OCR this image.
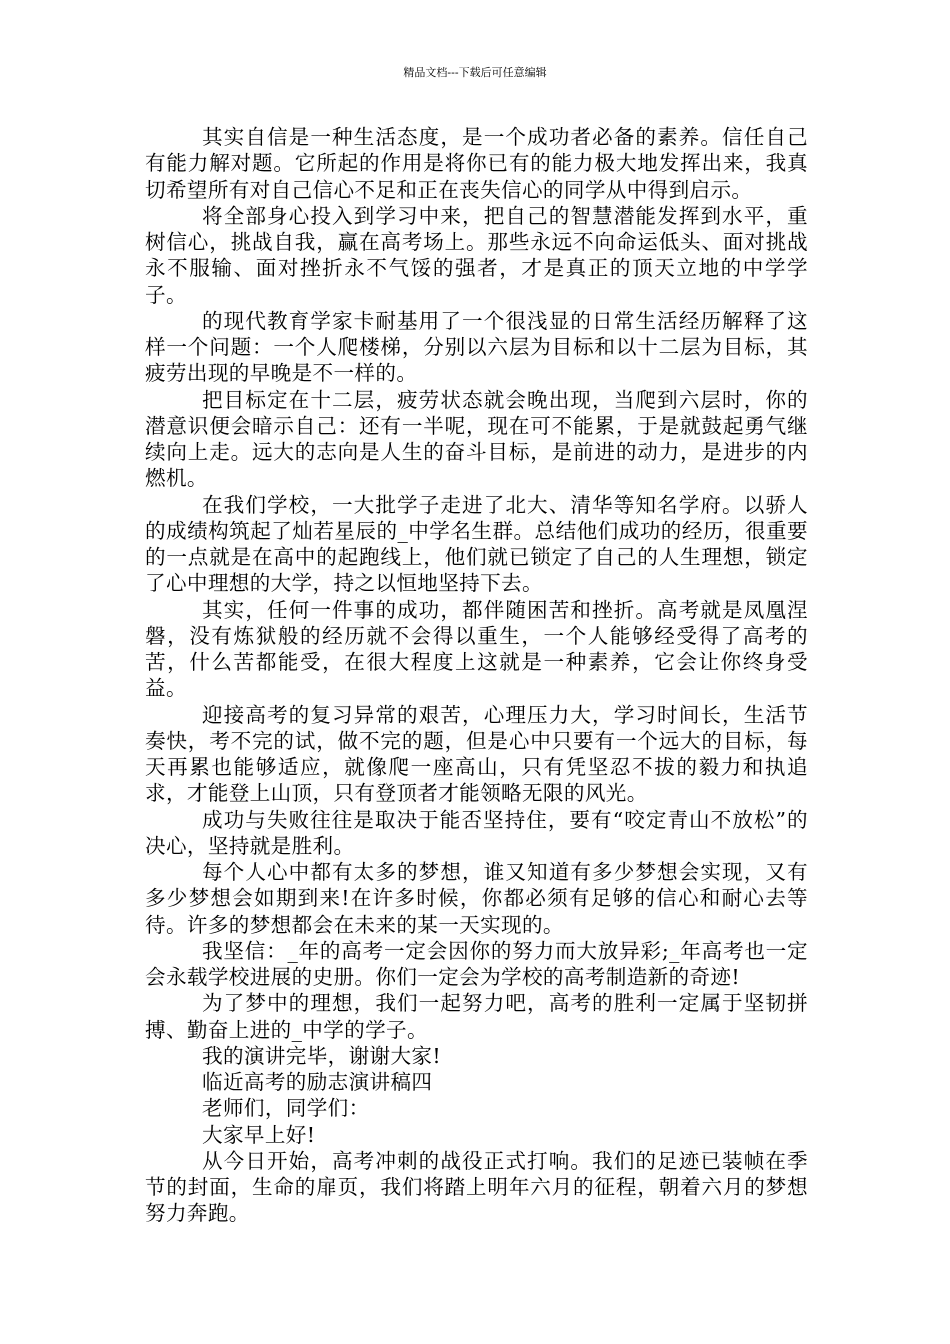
精品文档---下载后可任意编辑

其实自信是一种生活态度，是一个成功者必备的素养。信任自己有能力解对题。它所起的作用是将你已有的能力极大地发挥出来，我真切希望所有对自己信心不足和正在丧失信心的同学从中得到启示。

将全部身心投入到学习中来，把自己的智慧潜能发挥到水平，重树信心，挑战自我，赢在高考场上。那些永远不向命运低头、面对挑战永不服输、面对挫折永不气馁的强者，才是真正的顶天立地的中学学子。

的现代教育学家卡耐基用了一个很浅显的日常生活经历解释了这样一个问题：一个人爬楼梯，分别以六层为目标和以十二层为目标，其疲劳出现的早晚是不一样的。

把目标定在十二层，疲劳状态就会晚出现，当爬到六层时，你的潜意识便会暗示自己：还有一半呢，现在可不能累，于是就鼓起勇气继续向上走。远大的志向是人生的奋斗目标，是前进的动力，是进步的内燃机。

在我们学校，一大批学子走进了北大、清华等知名学府。以骄人的成绩构筑起了灿若星辰的_中学名生群。总结他们成功的经历，很重要的一点就是在高中的起跑线上，他们就已锁定了自己的人生理想，锁定了心中理想的大学，持之以恒地坚持下去。

其实，任何一件事的成功，都伴随困苦和挫折。高考就是凤凰涅磐，没有炼狱般的经历就不会得以重生，一个人能够经受得了高考的苦，什么苦都能受，在很大程度上这就是一种素养，它会让你终身受益。

迎接高考的复习异常的艰苦，心理压力大，学习时间长，生活节奏快，考不完的试，做不完的题，但是心中只要有一个远大的目标，每天再累也能够适应，就像爬一座高山，只有凭坚忍不拔的毅力和执追求，才能登上山顶，只有登顶者才能领略无限的风光。

成功与失败往往是取决于能否坚持住，要有“咬定青山不放松”的决心，坚持就是胜利。

每个人心中都有太多的梦想，谁又知道有多少梦想会实现，又有多少梦想会如期到来!在许多时候，你都必须有足够的信心和耐心去等待。许多的梦想都会在未来的某一天实现的。

我坚信：_年的高考一定会因你的努力而大放异彩;_年高考也一定会永载学校进展的史册。你们一定会为学校的高考制造新的奇迹!

为了梦中的理想，我们一起努力吧，高考的胜利一定属于坚韧拼搏、勤奋上进的_中学的学子。

我的演讲完毕，谢谢大家!

临近高考的励志演讲稿四

老师们，同学们：

大家早上好!

从今日开始，高考冲刺的战役正式打响。我们的足迹已装帧在季节的封面，生命的扉页，我们将踏上明年六月的征程，朝着六月的梦想努力奔跑。
